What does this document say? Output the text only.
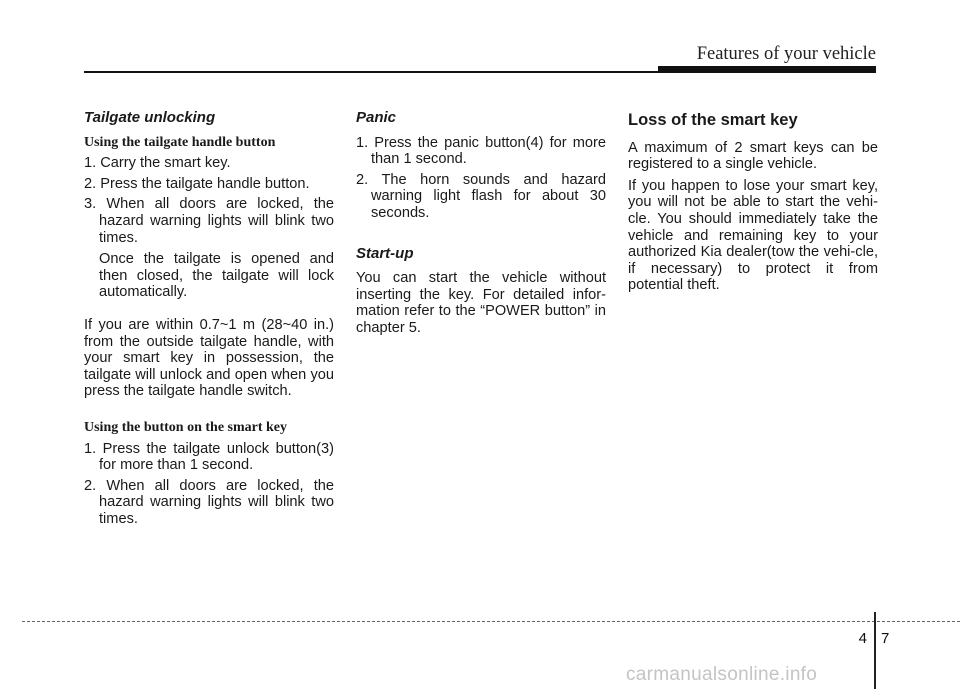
Features of your vehicle
Tailgate unlocking
Using the tailgate handle button
1. Carry the smart key.
2. Press the tailgate handle button.
3. When all doors are locked, the hazard warning lights will blink two times.
Once the tailgate is opened and then closed, the tailgate will lock automatically.
If you are within 0.7~1 m (28~40 in.) from the outside tailgate handle, with your smart key in possession, the tailgate will unlock and open when you press the tailgate handle switch.
Using the button on the smart key
1. Press the tailgate unlock button(3) for more than 1 second.
2. When all doors are locked, the hazard warning lights will blink two times.
Panic
1. Press the panic button(4) for more than 1 second.
2. The horn sounds and hazard warning light flash for about 30 seconds.
Start-up
You can start the vehicle without inserting the key. For detailed infor-mation refer to the “POWER button” in chapter 5.
Loss of the smart key
A maximum of 2 smart keys can be registered to a single vehicle.
If you happen to lose your smart key, you will not be able to start the vehi-cle. You should immediately take the vehicle and remaining key to your authorized Kia dealer(tow the vehi-cle, if necessary) to protect it from potential theft.
4 7
carmanualsonline.info
